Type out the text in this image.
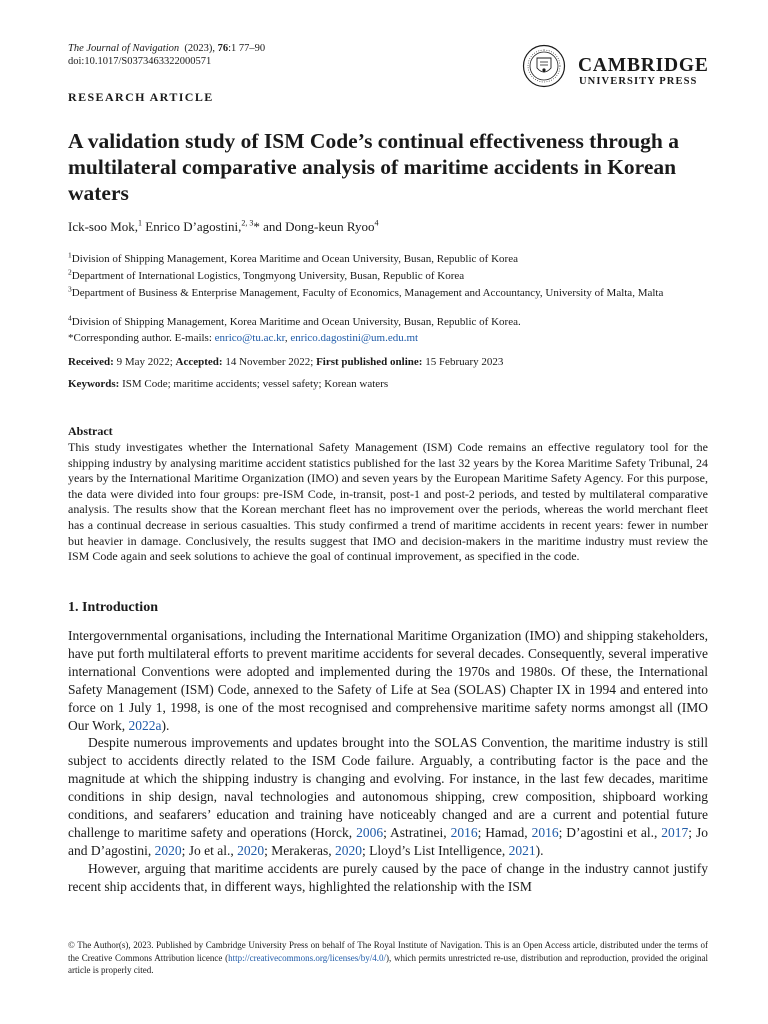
The Journal of Navigation (2023), 76:1 77–90
doi:10.1017/S0373463322000571	CAMBRIDGE
UNIVERSITY PRESS
RESEARCH ARTICLE
A validation study of ISM Code’s continual effectiveness through a multilateral comparative analysis of maritime accidents in Korean waters
Ick-soo Mok,$^1$ Enrico D’agostini,$^{2, 3}$* and Dong-keun Ryoo$^4$
$^1$Division of Shipping Management, Korea Maritime and Ocean University, Busan, Republic of Korea
$^2$Department of International Logistics, Tongmyong University, Busan, Republic of Korea
$^3$Department of Business & Enterprise Management, Faculty of Economics, Management and Accountancy, University of Malta, Malta
$^4$Division of Shipping Management, Korea Maritime and Ocean University, Busan, Republic of Korea.
*Corresponding author. E-mails: enrico@tu.ac.kr, enrico.dagostini@um.edu.mt
Received: 9 May 2022; Accepted: 14 November 2022; First published online: 15 February 2023
Keywords: ISM Code; maritime accidents; vessel safety; Korean waters
Abstract
This study investigates whether the International Safety Management (ISM) Code remains an effective regulatory tool for the shipping industry by analysing maritime accident statistics published for the last 32 years by the Korea Maritime Safety Tribunal, 24 years by the International Maritime Organization (IMO) and seven years by the European Maritime Safety Agency. For this purpose, the data were divided into four groups: pre-ISM Code, in-transit, post-1 and post-2 periods, and tested by multilateral comparative analysis. The results show that the Korean merchant fleet has no improvement over the periods, whereas the world merchant fleet has a continual decrease in serious casualties. This study confirmed a trend of maritime accidents in recent years: fewer in number but heavier in damage. Conclusively, the results suggest that IMO and decision-makers in the maritime industry must review the ISM Code again and seek solutions to achieve the goal of continual improvement, as specified in the code.
1. Introduction

Intergovernmental organisations, including the International Maritime Organization (IMO) and shipping stakeholders, have put forth multilateral efforts to prevent maritime accidents for several decades. Consequently, several imperative international Conventions were adopted and implemented during the 1970s and 1980s. Of these, the International Safety Management (ISM) Code, annexed to the Safety of Life at Sea (SOLAS) Chapter IX in 1994 and entered into force on 1 July 1, 1998, is one of the most recognised and comprehensive maritime safety norms amongst all (IMO Our Work, 2022a).

Despite numerous improvements and updates brought into the SOLAS Convention, the maritime industry is still subject to accidents directly related to the ISM Code failure. Arguably, a contributing factor is the pace and the magnitude at which the shipping industry is changing and evolving. For instance, in the last few decades, maritime conditions in ship design, naval technologies and autonomous shipping, crew composition, shipboard working conditions, and seafarers’ education and training have noticeably changed and are a current and potential future challenge to maritime safety and operations (Horck, 2006; Astratinei, 2016; Hamad, 2016; D’agostini et al., 2017; Jo and D’agostini, 2020; Jo et al., 2020; Merakeras, 2020; Lloyd’s List Intelligence, 2021).

However, arguing that maritime accidents are purely caused by the pace of change in the industry cannot justify recent ship accidents that, in different ways, highlighted the relationship with the ISM

© The Author(s), 2023. Published by Cambridge University Press on behalf of The Royal Institute of Navigation. This is an Open Access article, distributed under the terms of the Creative Commons Attribution licence (http://creativecommons.org/licenses/by/4.0/), which permits unrestricted re-use, distribution and reproduction, provided the original article is properly cited.
